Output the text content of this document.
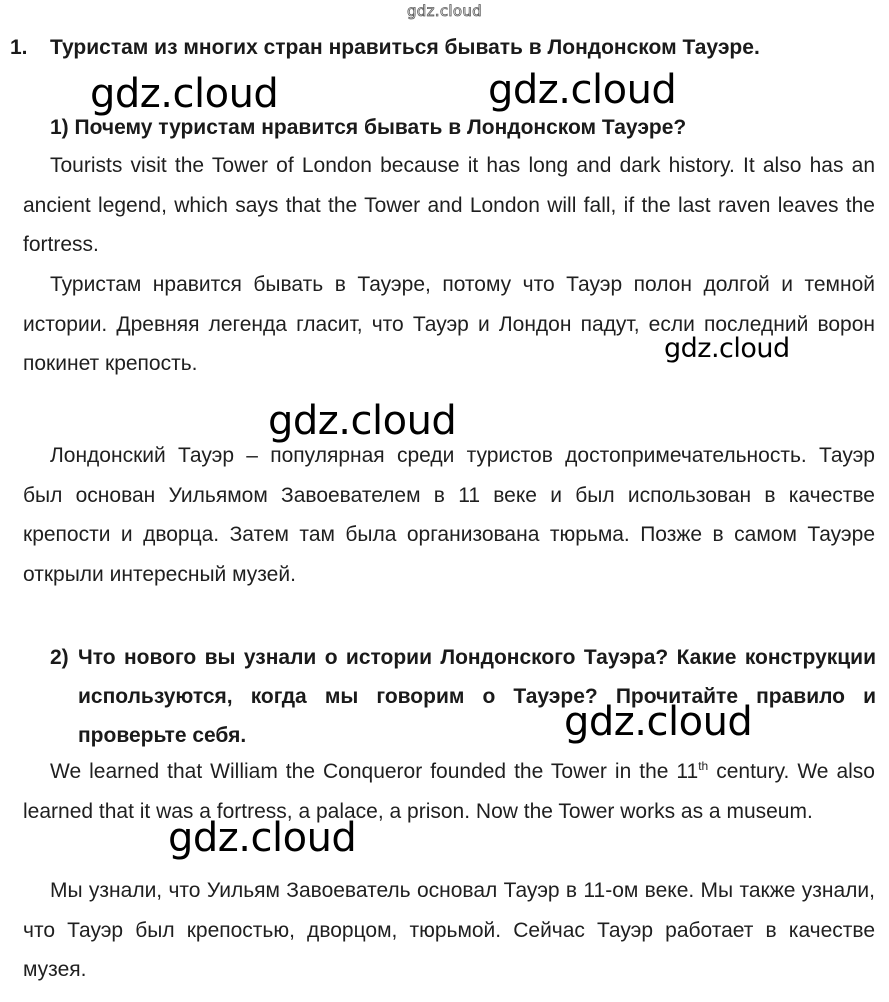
gdz.cloud
1. Туристам из многих стран нравиться бывать в Лондонском Тауэре.
1) Почему туристам нравится бывать в Лондонском Тауэре?
Tourists visit the Tower of London because it has long and dark history. It also has an ancient legend, which says that the Tower and London will fall, if the last raven leaves the fortress.
Туристам нравится бывать в Тауэре, потому что Тауэр полон долгой и темной истории. Древняя легенда гласит, что Тауэр и Лондон падут, если последний ворон покинет крепость.
Лондонский Тауэр – популярная среди туристов достопримечательность. Тауэр был основан Уильямом Завоевателем в 11 веке и был использован в качестве крепости и дворца. Затем там была организована тюрьма. Позже в самом Тауэре открыли интересный музей.
2) Что нового вы узнали о истории Лондонского Тауэра? Какие конструкции используются, когда мы говорим о Тауэре? Прочитайте правило и проверьте себя.
We learned that William the Conqueror founded the Tower in the 11th century. We also learned that it was a fortress, a palace, a prison. Now the Tower works as a museum.
Мы узнали, что Уильям Завоеватель основал Тауэр в 11-ом веке. Мы также узнали, что Тауэр был крепостью, дворцом, тюрьмой. Сейчас Тауэр работает в качестве музея.
gdz.cloud	gdz.cloud
gdz.cloud
gdz.cloud
gdz.cloud
gdz.cloud
